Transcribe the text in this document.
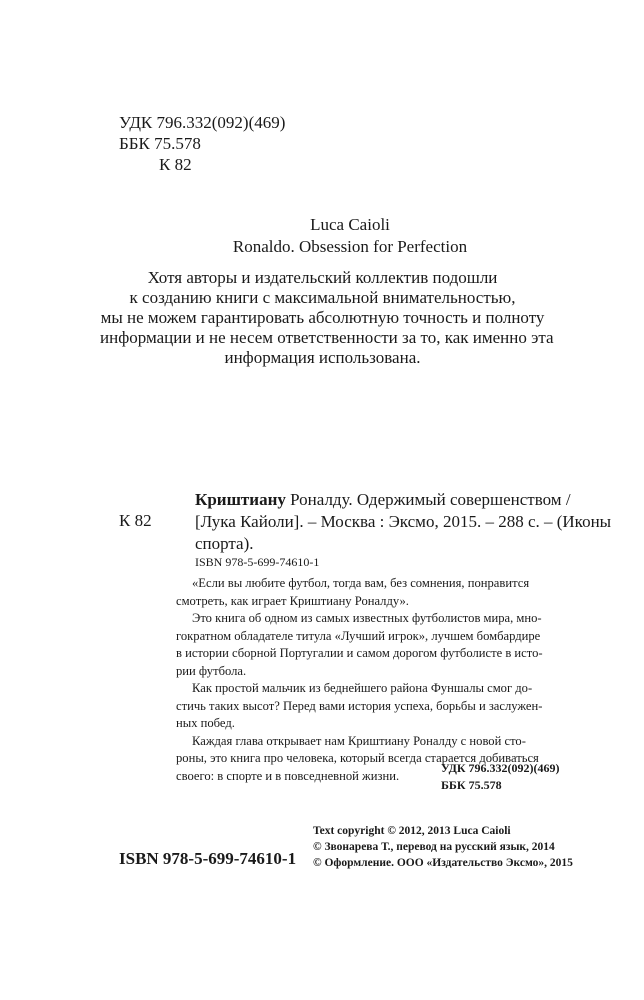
УДК 796.332(092)(469)
ББК 75.578
К 82
Luca Caioli
Ronaldo. Obsession for Perfection
Хотя авторы и издательский коллектив подошли
к созданию книги с максимальной внимательностью,
мы не можем гарантировать абсолютную точность и полноту
информации и не несем ответственности за то, как именно эта
информация использована.
К 82
Криштиану Роналду. Одержимый совершенством /
[Лука Кайоли]. – Москва : Эксмо, 2015. – 288 с. – (Иконы
спорта).
ISBN 978-5-699-74610-1
«Если вы любите футбол, тогда вам, без сомнения, понравится
смотреть, как играет Криштиану Роналду».
Это книга об одном из самых известных футболистов мира, мно-
гократном обладателе титула «Лучший игрок», лучшем бомбардире
в истории сборной Португалии и самом дорогом футболисте в исто-
рии футбола.
Как простой мальчик из беднейшего района Фуншалы смог до-
стичь таких высот? Перед вами история успеха, борьбы и заслужен-
ных побед.
Каждая глава открывает нам Криштиану Роналду с новой сто-
роны, это книга про человека, который всегда старается добиваться
своего: в спорте и в повседневной жизни.
УДК 796.332(092)(469)
ББК 75.578
Text copyright © 2012, 2013 Luca Caioli
© Звонарева Т., перевод на русский язык, 2014
© Оформление. ООО «Издательство Эксмо», 2015
ISBN 978-5-699-74610-1
